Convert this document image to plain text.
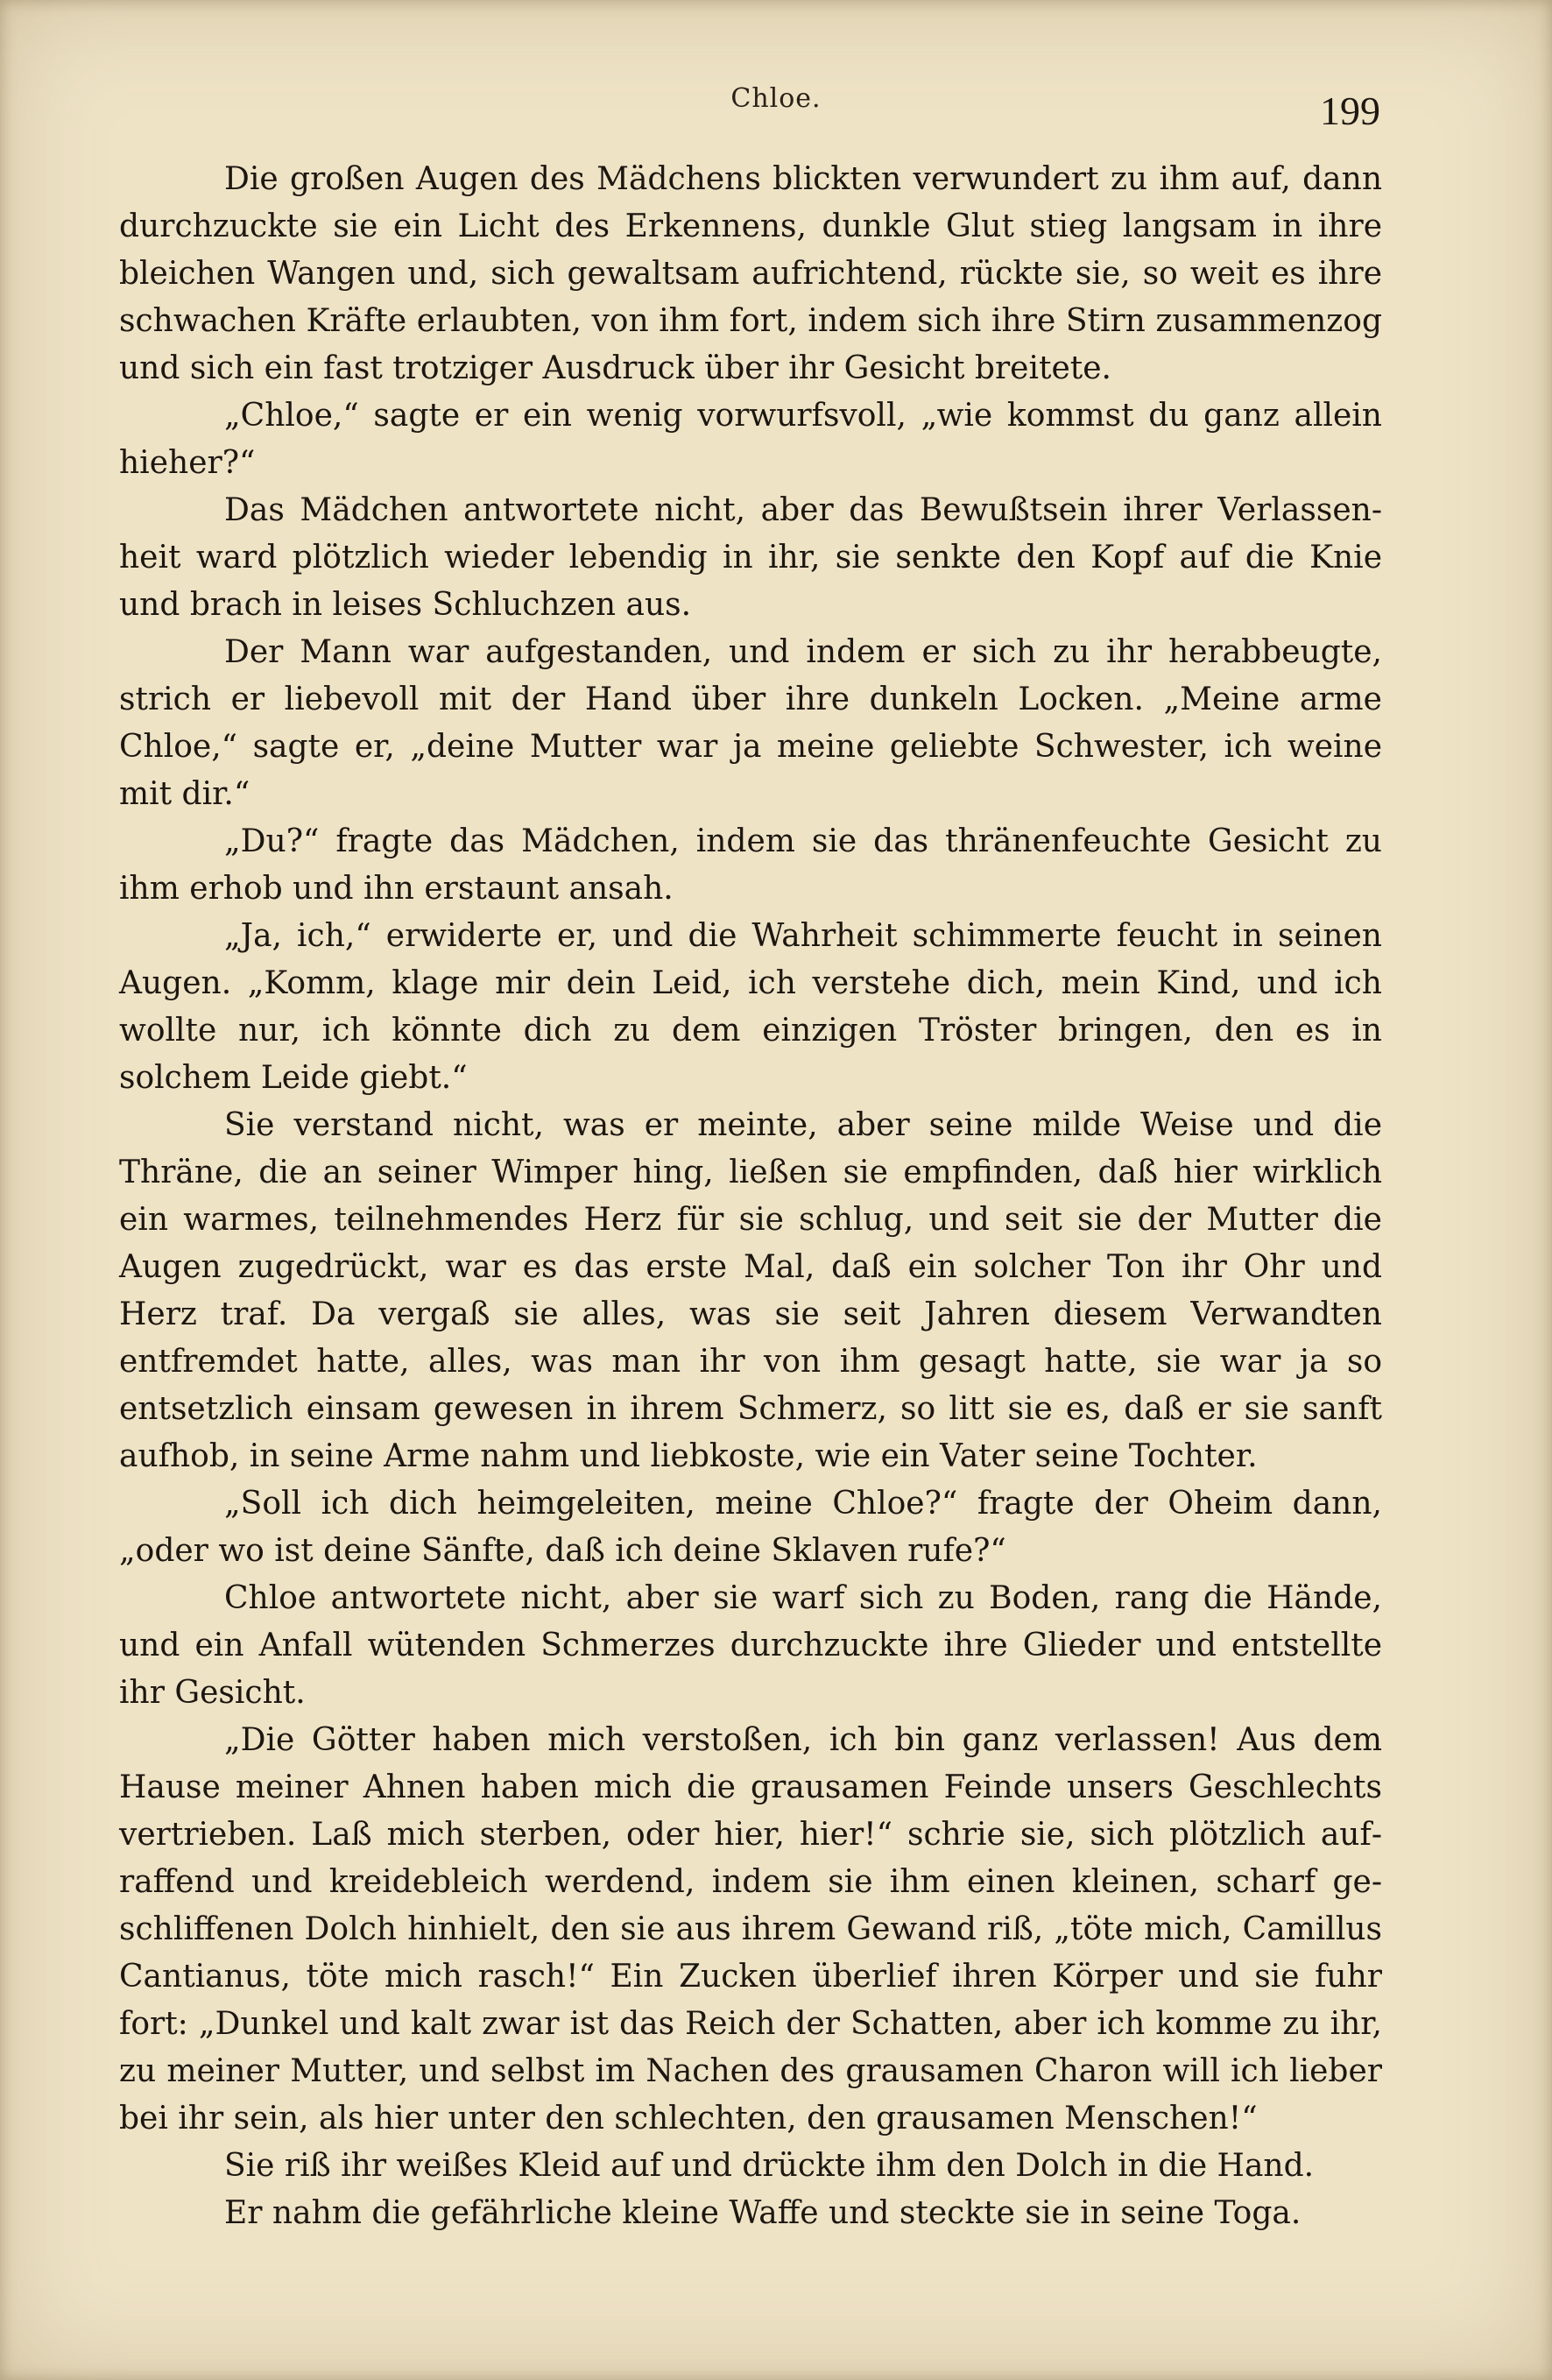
Chloe.	199

Die großen Augen des Mädchens blickten verwundert zu ihm auf, dann durchzuckte sie ein Licht des Erkennens, dunkle Glut stieg langsam in ihre bleichen Wangen und, sich gewaltsam aufrichtend, rückte sie, so weit es ihre schwachen Kräfte erlaubten, von ihm fort, indem sich ihre Stirn zusammenzog und sich ein fast trotziger Ausdruck über ihr Gesicht breitete.

„Chloe,“ sagte er ein wenig vorwurfsvoll, „wie kommst du ganz allein hieher?“

Das Mädchen antwortete nicht, aber das Bewußtsein ihrer Verlassenheit ward plötzlich wieder lebendig in ihr, sie senkte den Kopf auf die Knie und brach in leises Schluchzen aus.

Der Mann war aufgestanden, und indem er sich zu ihr herabbeugte, strich er liebevoll mit der Hand über ihre dunkeln Locken. „Meine arme Chloe,“ sagte er, „deine Mutter war ja meine geliebte Schwester, ich weine mit dir.“

„Du?“ fragte das Mädchen, indem sie das thränenfeuchte Gesicht zu ihm erhob und ihn erstaunt ansah.

„Ja, ich,“ erwiderte er, und die Wahrheit schimmerte feucht in seinen Augen. „Komm, klage mir dein Leid, ich verstehe dich, mein Kind, und ich wollte nur, ich könnte dich zu dem einzigen Tröster bringen, den es in solchem Leide giebt.“

Sie verstand nicht, was er meinte, aber seine milde Weise und die Thräne, die an seiner Wimper hing, ließen sie empfinden, daß hier wirklich ein warmes, teilnehmendes Herz für sie schlug, und seit sie der Mutter die Augen zugedrückt, war es das erste Mal, daß ein solcher Ton ihr Ohr und Herz traf. Da vergaß sie alles, was sie seit Jahren diesem Verwandten entfremdet hatte, alles, was man ihr von ihm gesagt hatte, sie war ja so entsetzlich einsam gewesen in ihrem Schmerz, so litt sie es, daß er sie sanft aufhob, in seine Arme nahm und liebkoste, wie ein Vater seine Tochter.

„Soll ich dich heimgeleiten, meine Chloe?“ fragte der Oheim dann, „oder wo ist deine Sänfte, daß ich deine Sklaven rufe?“

Chloe antwortete nicht, aber sie warf sich zu Boden, rang die Hände, und ein Anfall wütenden Schmerzes durchzuckte ihre Glieder und entstellte ihr Gesicht.

„Die Götter haben mich verstoßen, ich bin ganz verlassen! Aus dem Hause meiner Ahnen haben mich die grausamen Feinde unsers Geschlechts vertrieben. Laß mich sterben, oder hier, hier!“ schrie sie, sich plötzlich aufraffend und kreidebleich werdend, indem sie ihm einen kleinen, scharf geschliffenen Dolch hinhielt, den sie aus ihrem Gewand riß, „töte mich, Camillus Cantianus, töte mich rasch!“ Ein Zucken überlief ihren Körper und sie fuhr fort: „Dunkel und kalt zwar ist das Reich der Schatten, aber ich komme zu ihr, zu meiner Mutter, und selbst im Nachen des grausamen Charon will ich lieber bei ihr sein, als hier unter den schlechten, den grausamen Menschen!“

Sie riß ihr weißes Kleid auf und drückte ihm den Dolch in die Hand.

Er nahm die gefährliche kleine Waffe und steckte sie in seine Toga.
